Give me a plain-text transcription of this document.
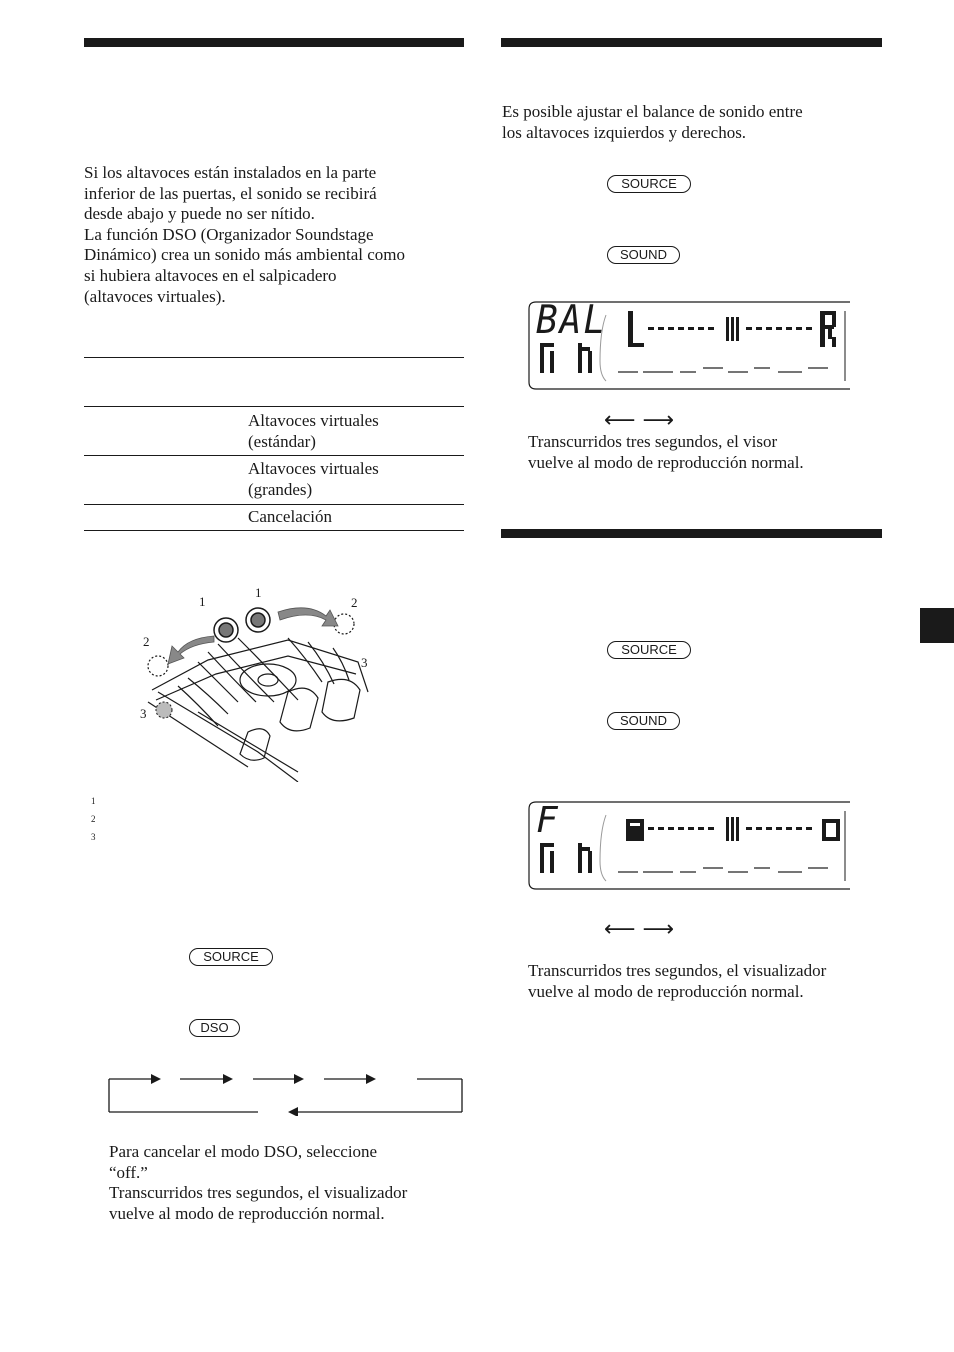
Si los altavoces están instalados en la parte
inferior de las puertas, el sonido se recibirá
desde abajo y puede no ser nítido.
La función DSO (Organizador Soundstage
Dinámico) crea un sonido más ambiental como
si hubiera altavoces en el salpicadero
(altavoces virtuales).
Altavoces virtuales
(estándar)
Altavoces virtuales
(grandes)
Cancelación
1
1
2
2
3
3
1
2
3
SOURCE
DSO
Para cancelar el modo DSO, seleccione
“off.”
Transcurridos tres segundos, el visualizador
vuelve al modo de reproducción normal.
Es posible ajustar el balance de sonido entre
los altavoces izquierdos y derechos.
SOURCE
SOUND
BAL
⟵ ⟶
Transcurridos tres segundos, el visor
vuelve al modo de reproducción normal.
SOURCE
SOUND
F
⟵ ⟶
Transcurridos tres segundos, el visualizador
vuelve al modo de reproducción normal.
